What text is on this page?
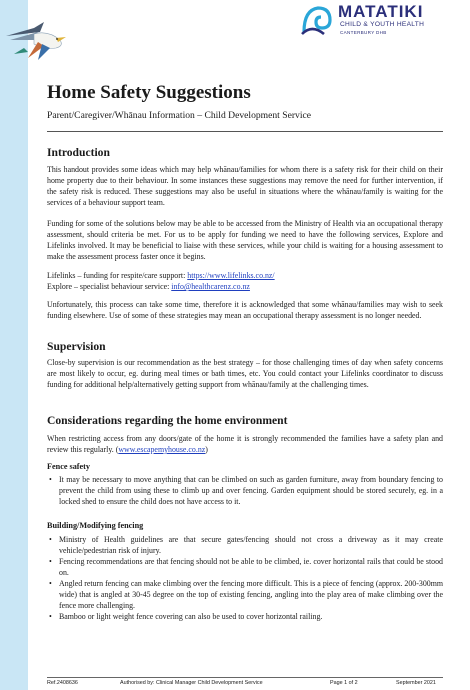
MATATIKI
CHILD & YOUTH HEALTH
CANTERBURY DHB
Home Safety Suggestions
Parent/Caregiver/Whānau Information – Child Development Service
Introduction

This handout provides some ideas which may help whānau/families for whom there is a safety risk for their child on their home property due to their behaviour. In some instances these suggestions may remove the need for further intervention, if the safety risk is reduced. These suggestions may also be useful in situations where the whānau/family is waiting for the services of a behaviour support team.

Funding for some of the solutions below may be able to be accessed from the Ministry of Health via an occupational therapy assessment, should criteria be met. For us to be apply for funding we need to have the following services, Explore and Lifelinks involved. It may be beneficial to liaise with these services, while your child is waiting for a housing assessment to make the assessment process faster once it begins.

Lifelinks – funding for respite/care support: https://www.lifelinks.co.nz/

Explore – specialist behaviour service: info@healthcarenz.co.nz

Unfortunately, this process can take some time, therefore it is acknowledged that some whānau/families may wish to seek funding elsewhere. Use of some of these strategies may mean an occupational therapy assessment is no longer needed.

Supervision

Close-by supervision is our recommendation as the best strategy – for those challenging times of day when safety concerns are most likely to occur, eg. during meal times or bath times, etc. You could contact your Lifelinks coordinator to discuss funding for additional help/alternatively getting support from whānau/family at the challenging times.

Considerations regarding the home environment

When restricting access from any doors/gate of the home it is strongly recommended the families have a safety plan and review this regularly. (www.escapemyhouse.co.nz)

Fence safety
• It may be necessary to move anything that can be climbed on such as garden furniture, away from boundary fencing to prevent the child from using these to climb up and over fencing. Garden equipment should be stored securely, eg. in a locked shed to ensure the child does not have access to it.
Building/Modifying fencing
• Ministry of Health guidelines are that secure gates/fencing should not cross a driveway as it may create vehicle/pedestrian risk of injury.
• Fencing recommendations are that fencing should not be able to be climbed, ie. cover horizontal rails that could be stood on.
• Angled return fencing can make climbing over the fencing more difficult. This is a piece of fencing (approx. 200-300mm wide) that is angled at 30-45 degree on the top of existing fencing, angling into the play area of make climbing over the fence more challenging.
• Bamboo or light weight fence covering can also be used to cover horizontal railing.
Ref.2408636	Authorised by: Clinical Manager Child Development Service	Page 1 of 2	September 2021
